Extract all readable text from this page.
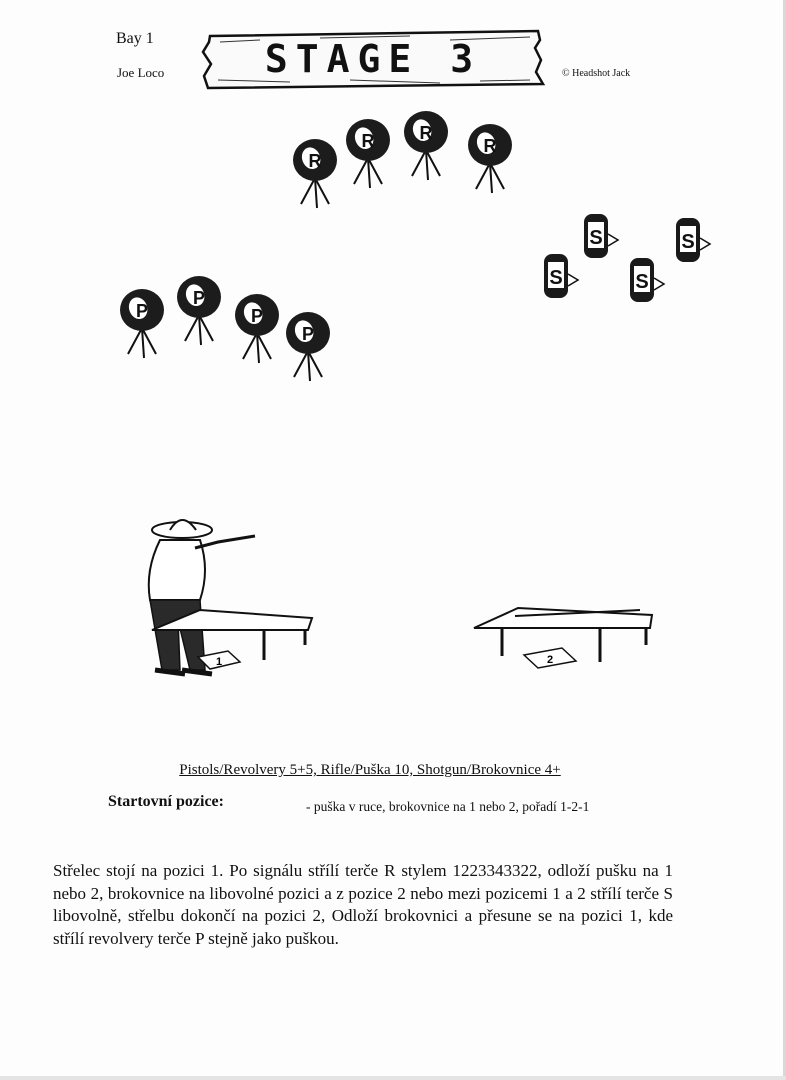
Bay 1
Joe Loco	STAGE 3	© Headshot Jack
R
R	R
R
P
P
P
P
S
S
S
S
1	2
Pistols/Revolvery 5+5, Rifle/Puška 10, Shotgun/Brokovnice 4+
Startovní pozice:	- puška v ruce, brokovnice na 1 nebo 2, pořadí 1-2-1
Střelec stojí na pozici 1. Po signálu střílí terče R stylem 1223343322, odloží pušku na 1 nebo 2, brokovnice na libovolné pozici a z pozice 2 nebo mezi pozicemi 1 a 2 střílí terče S libovolně, střelbu dokončí na pozici 2, Odloží brokovnici a přesune se na pozici 1, kde střílí revolvery terče P stejně jako puškou.
